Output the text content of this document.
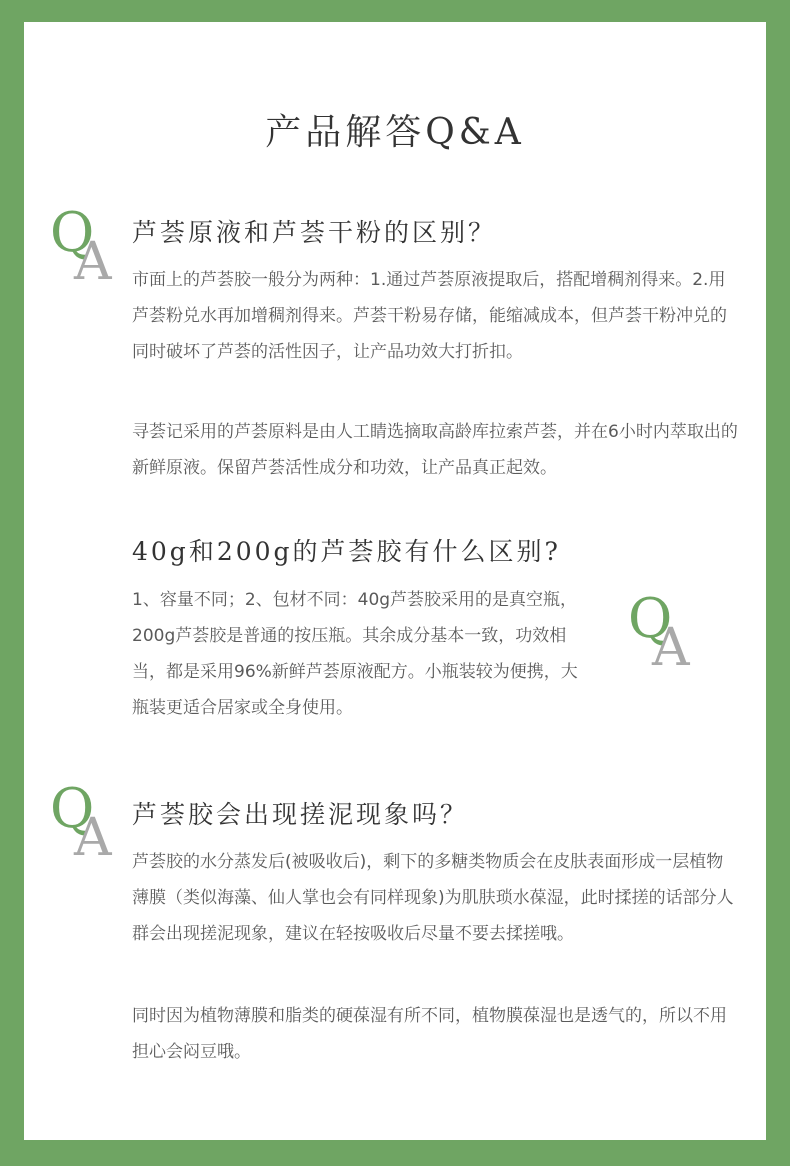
产品解答Q&A
Q
A 芦荟原液和芦荟干粉的区别？

市面上的芦荟胶一般分为两种：1.通过芦荟原液提取后，搭配增稠剂得来。2.用芦荟粉兑水再加增稠剂得来。芦荟干粉易存储，能缩减成本，但芦荟干粉冲兑的同时破坏了芦荟的活性因子，让产品功效大打折扣。

寻荟记采用的芦荟原料是由人工睛选摘取高龄库拉索芦荟，并在6小时内萃取出的新鲜原液。保留芦荟活性成分和功效，让产品真正起效。

40g和200g的芦荟胶有什么区别?

1、容量不同；2、包材不同：40g芦荟胶采用的是真空瓶，200g芦荟胶是普通的按压瓶。其余成分基本一致，功效相当，都是采用96%新鲜芦荟原液配方。小瓶装较为便携，大瓶装更适合居家或全身使用。

Q
A
Q
A 芦荟胶会出现搓泥现象吗？

芦荟胶的水分蒸发后(被吸收后)，剩下的多糖类物质会在皮肤表面形成一层植物薄膜（类似海藻、仙人掌也会有同样现象)为肌肤琐水葆湿，此时揉搓的话部分人群会出现搓泥现象，建议在轻按吸收后尽量不要去揉搓哦。

同时因为植物薄膜和脂类的硬葆湿有所不同，植物膜葆湿也是透气的，所以不用担心会闷豆哦。
